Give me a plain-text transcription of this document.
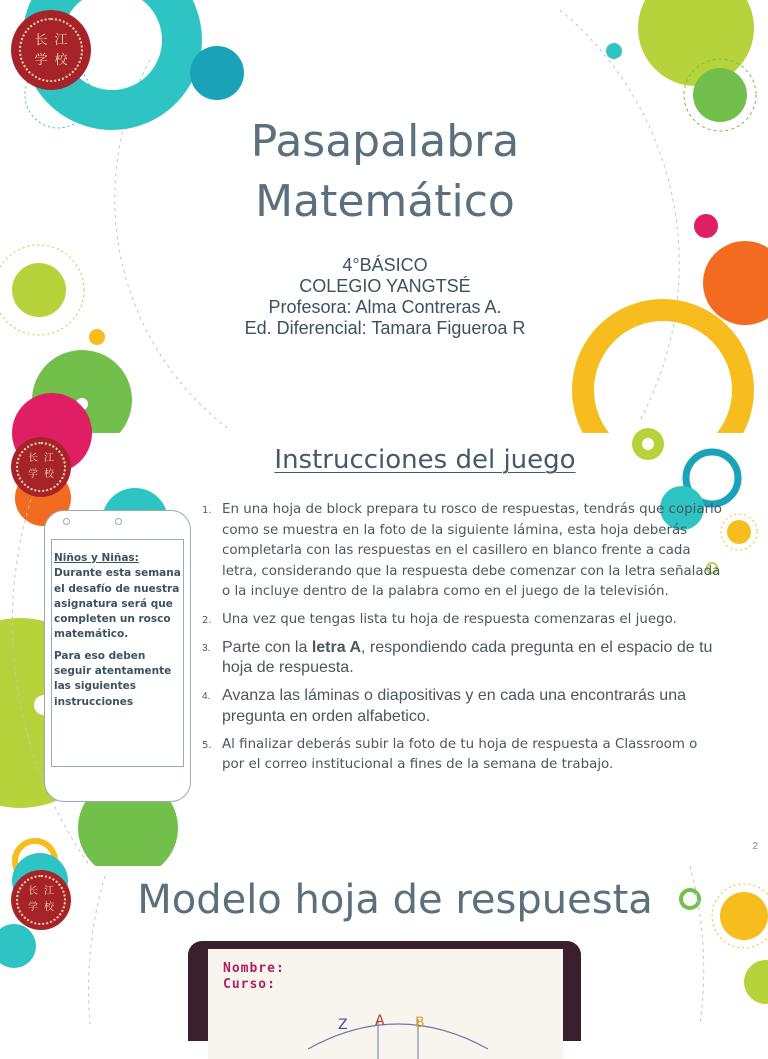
长 江
学 校
Pasapalabra
Matemático
4°BÁSICO
COLEGIO YANGTSÉ
Profesora: Alma Contreras A.
Ed. Diferencial: Tamara Figueroa R
长 江
学 校	Instrucciones del juego

Niños y Niñas:

Durante esta semana el desafío de nuestra asignatura será que completen un rosco matemático.

Para eso deben seguir atentamente las siguientes instrucciones

1. En una hoja de block prepara tu rosco de respuestas, tendrás que copiarlo como se muestra en la foto de la siguiente lámina, esta hoja deberás completarla con las respuestas en el casillero en blanco frente a cada letra, considerando que la respuesta debe comenzar con la letra señalada o la incluye dentro de la palabra como en el juego de la televisión.
2. Una vez que tengas lista tu hoja de respuesta comenzaras el juego.
3. Parte con la letra A, respondiendo cada pregunta en el espacio de tu hoja de respuesta.
4. Avanza las láminas o diapositivas y en cada una encontrarás una pregunta en orden alfabetico.
5. Al finalizar deberás subir la foto de tu hoja de respuesta a Classroom o por el correo institucional a fines de la semana de trabajo.
2
长 江
学 校	Modelo hoja de respuesta
Nombre:
Curso:
Z A B
